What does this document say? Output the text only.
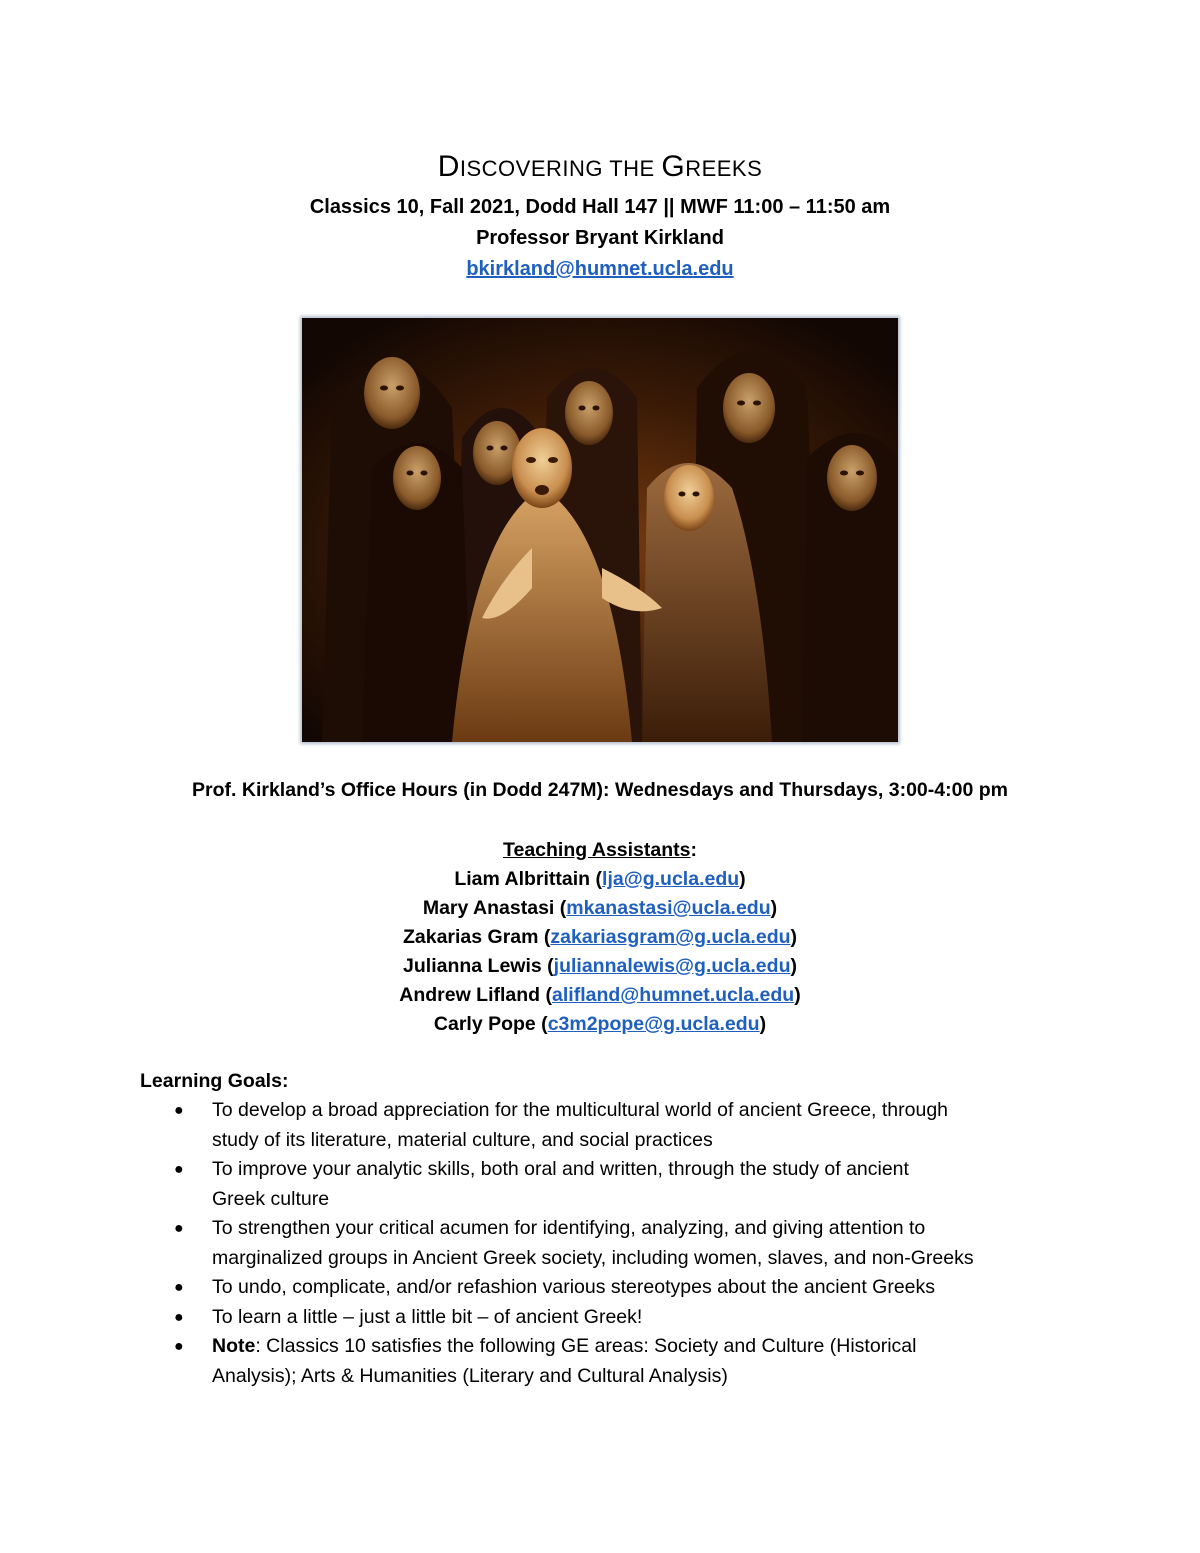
DISCOVERING THE GREEKS
Classics 10, Fall 2021, Dodd Hall 147 || MWF 11:00 – 11:50 am
Professor Bryant Kirkland
bkirkland@humnet.ucla.edu
Prof. Kirkland’s Office Hours (in Dodd 247M): Wednesdays and Thursdays, 3:00-4:00 pm
Teaching Assistants:
Liam Albrittain (lja@g.ucla.edu)
Mary Anastasi (mkanastasi@ucla.edu)
Zakarias Gram (zakariasgram@g.ucla.edu)
Julianna Lewis (juliannalewis@g.ucla.edu)
Andrew Lifland (alifland@humnet.ucla.edu)
Carly Pope (c3m2pope@g.ucla.edu)
Learning Goals:
● To develop a broad appreciation for the multicultural world of ancient Greece, through
study of its literature, material culture, and social practices
● To improve your analytic skills, both oral and written, through the study of ancient
Greek culture
● To strengthen your critical acumen for identifying, analyzing, and giving attention to
marginalized groups in Ancient Greek society, including women, slaves, and non-Greeks
● To undo, complicate, and/or refashion various stereotypes about the ancient Greeks
● To learn a little – just a little bit – of ancient Greek!
● Note: Classics 10 satisfies the following GE areas: Society and Culture (Historical
Analysis); Arts & Humanities (Literary and Cultural Analysis)
